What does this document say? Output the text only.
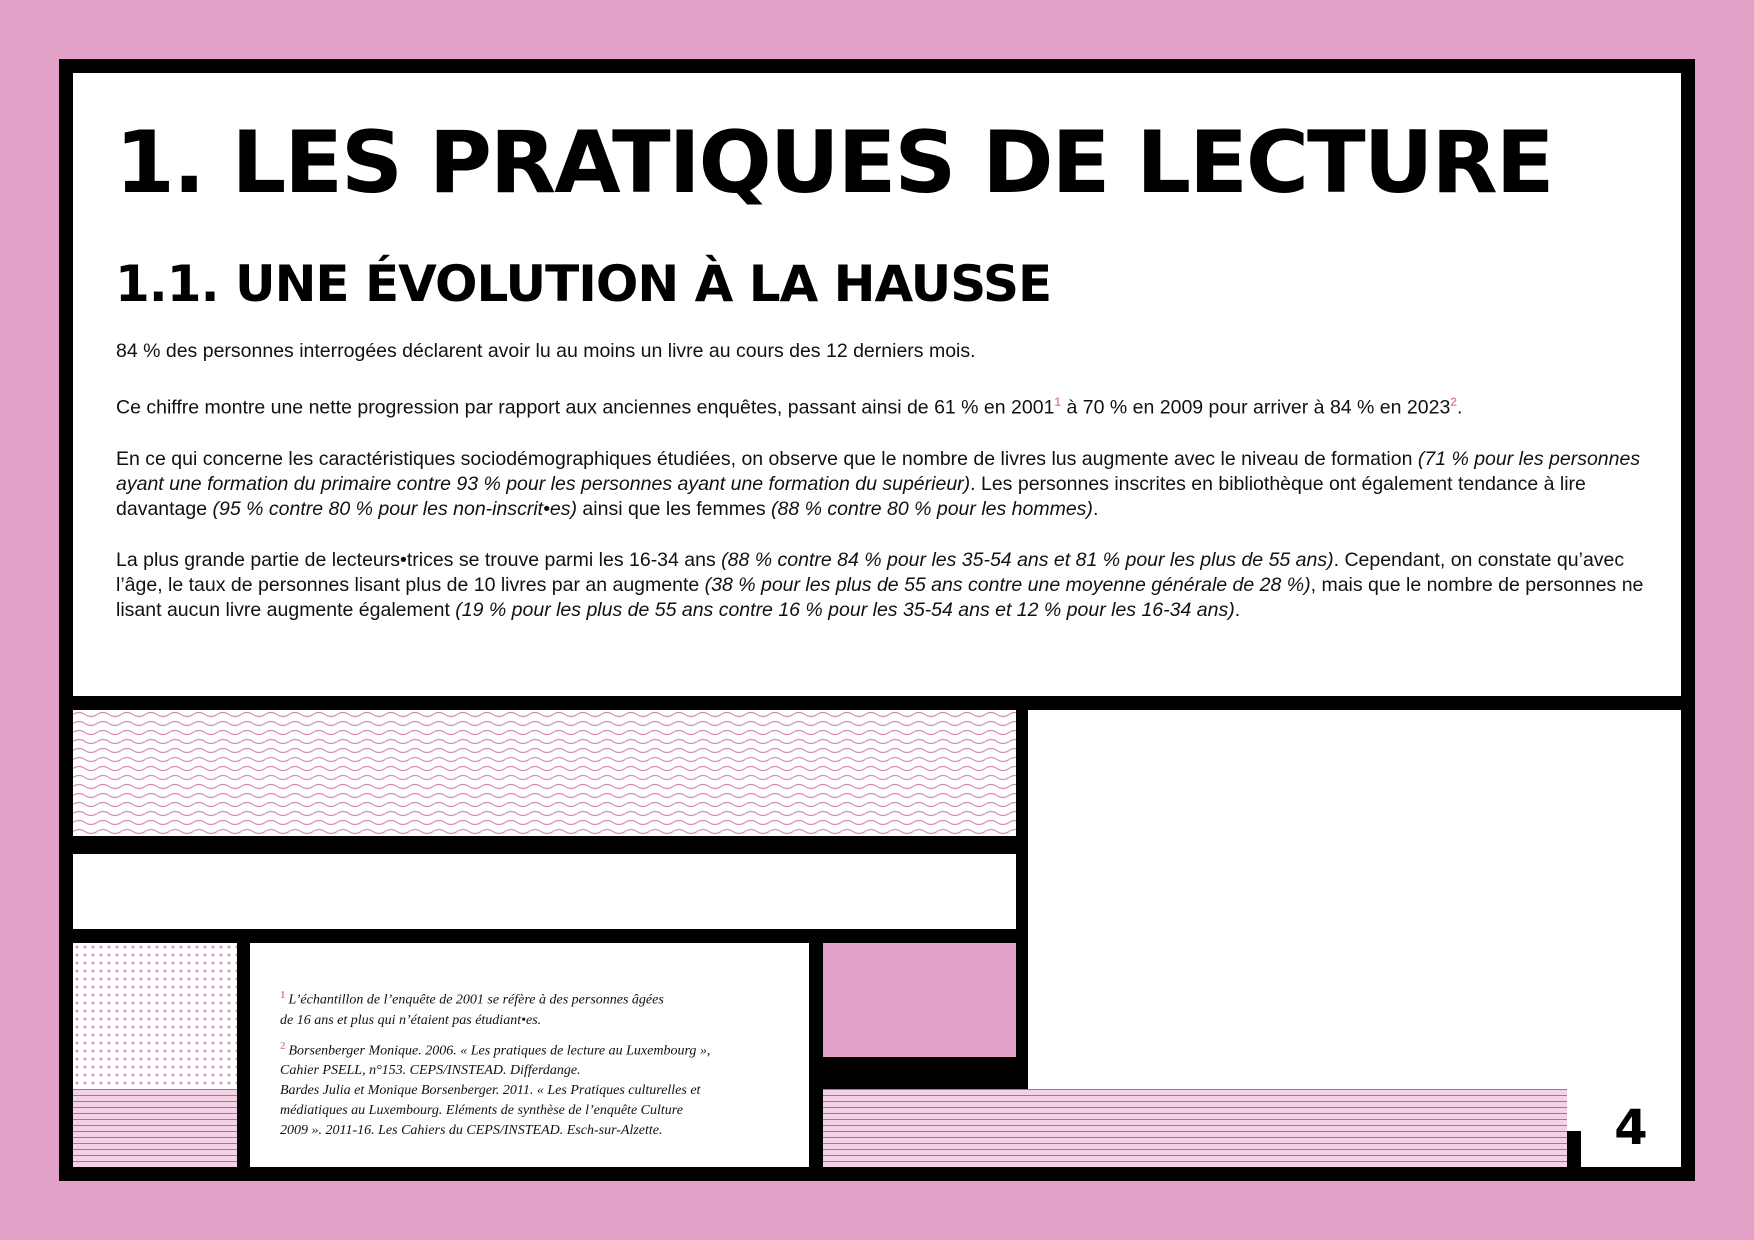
1. LES PRATIQUES DE LECTURE
1.1. UNE ÉVOLUTION À LA HAUSSE

84 % des personnes interrogées déclarent avoir lu au moins un livre au cours des 12 derniers mois.

Ce chiffre montre une nette progression par rapport aux anciennes enquêtes, passant ainsi de 61 % en 2001$^1$ à 70 % en 2009 pour arriver à 84 % en 2023$^2$.

En ce qui concerne les caractéristiques sociodémographiques étudiées, on observe que le nombre de livres lus augmente avec le niveau de formation (71 % pour les personnes ayant une formation du primaire contre 93 % pour les personnes ayant une formation du supérieur). Les personnes inscrites en bibliothèque ont également tendance à lire davantage (95 % contre 80 % pour les non-inscrit•es) ainsi que les femmes (88 % contre 80 % pour les hommes).

La plus grande partie de lecteurs•trices se trouve parmi les 16-34 ans (88 % contre 84 % pour les 35-54 ans et 81 % pour les plus de 55 ans). Cependant, on constate qu’avec l’âge, le taux de personnes lisant plus de 10 livres par an augmente (38 % pour les plus de 55 ans contre une moyenne générale de 28 %), mais que le nombre de personnes ne lisant aucun livre augmente également (19 % pour les plus de 55 ans contre 16 % pour les 35-54 ans et 12 % pour les 16-34 ans).

$^1$ L’échantillon de l’enquête de 2001 se réfère à des personnes âgées
de 16 ans et plus qui n’étaient pas étudiant•es.
$^2$ Borsenberger Monique. 2006. « Les pratiques de lecture au Luxembourg »,
Cahier PSELL, n°153. CEPS/INSTEAD. Differdange.
Bardes Julia et Monique Borsenberger. 2011. « Les Pratiques culturelles et
médiatiques au Luxembourg. Eléments de synthèse de l’enquête Culture
2009 ». 2011-16. Les Cahiers du CEPS/INSTEAD. Esch-sur-Alzette.	4
